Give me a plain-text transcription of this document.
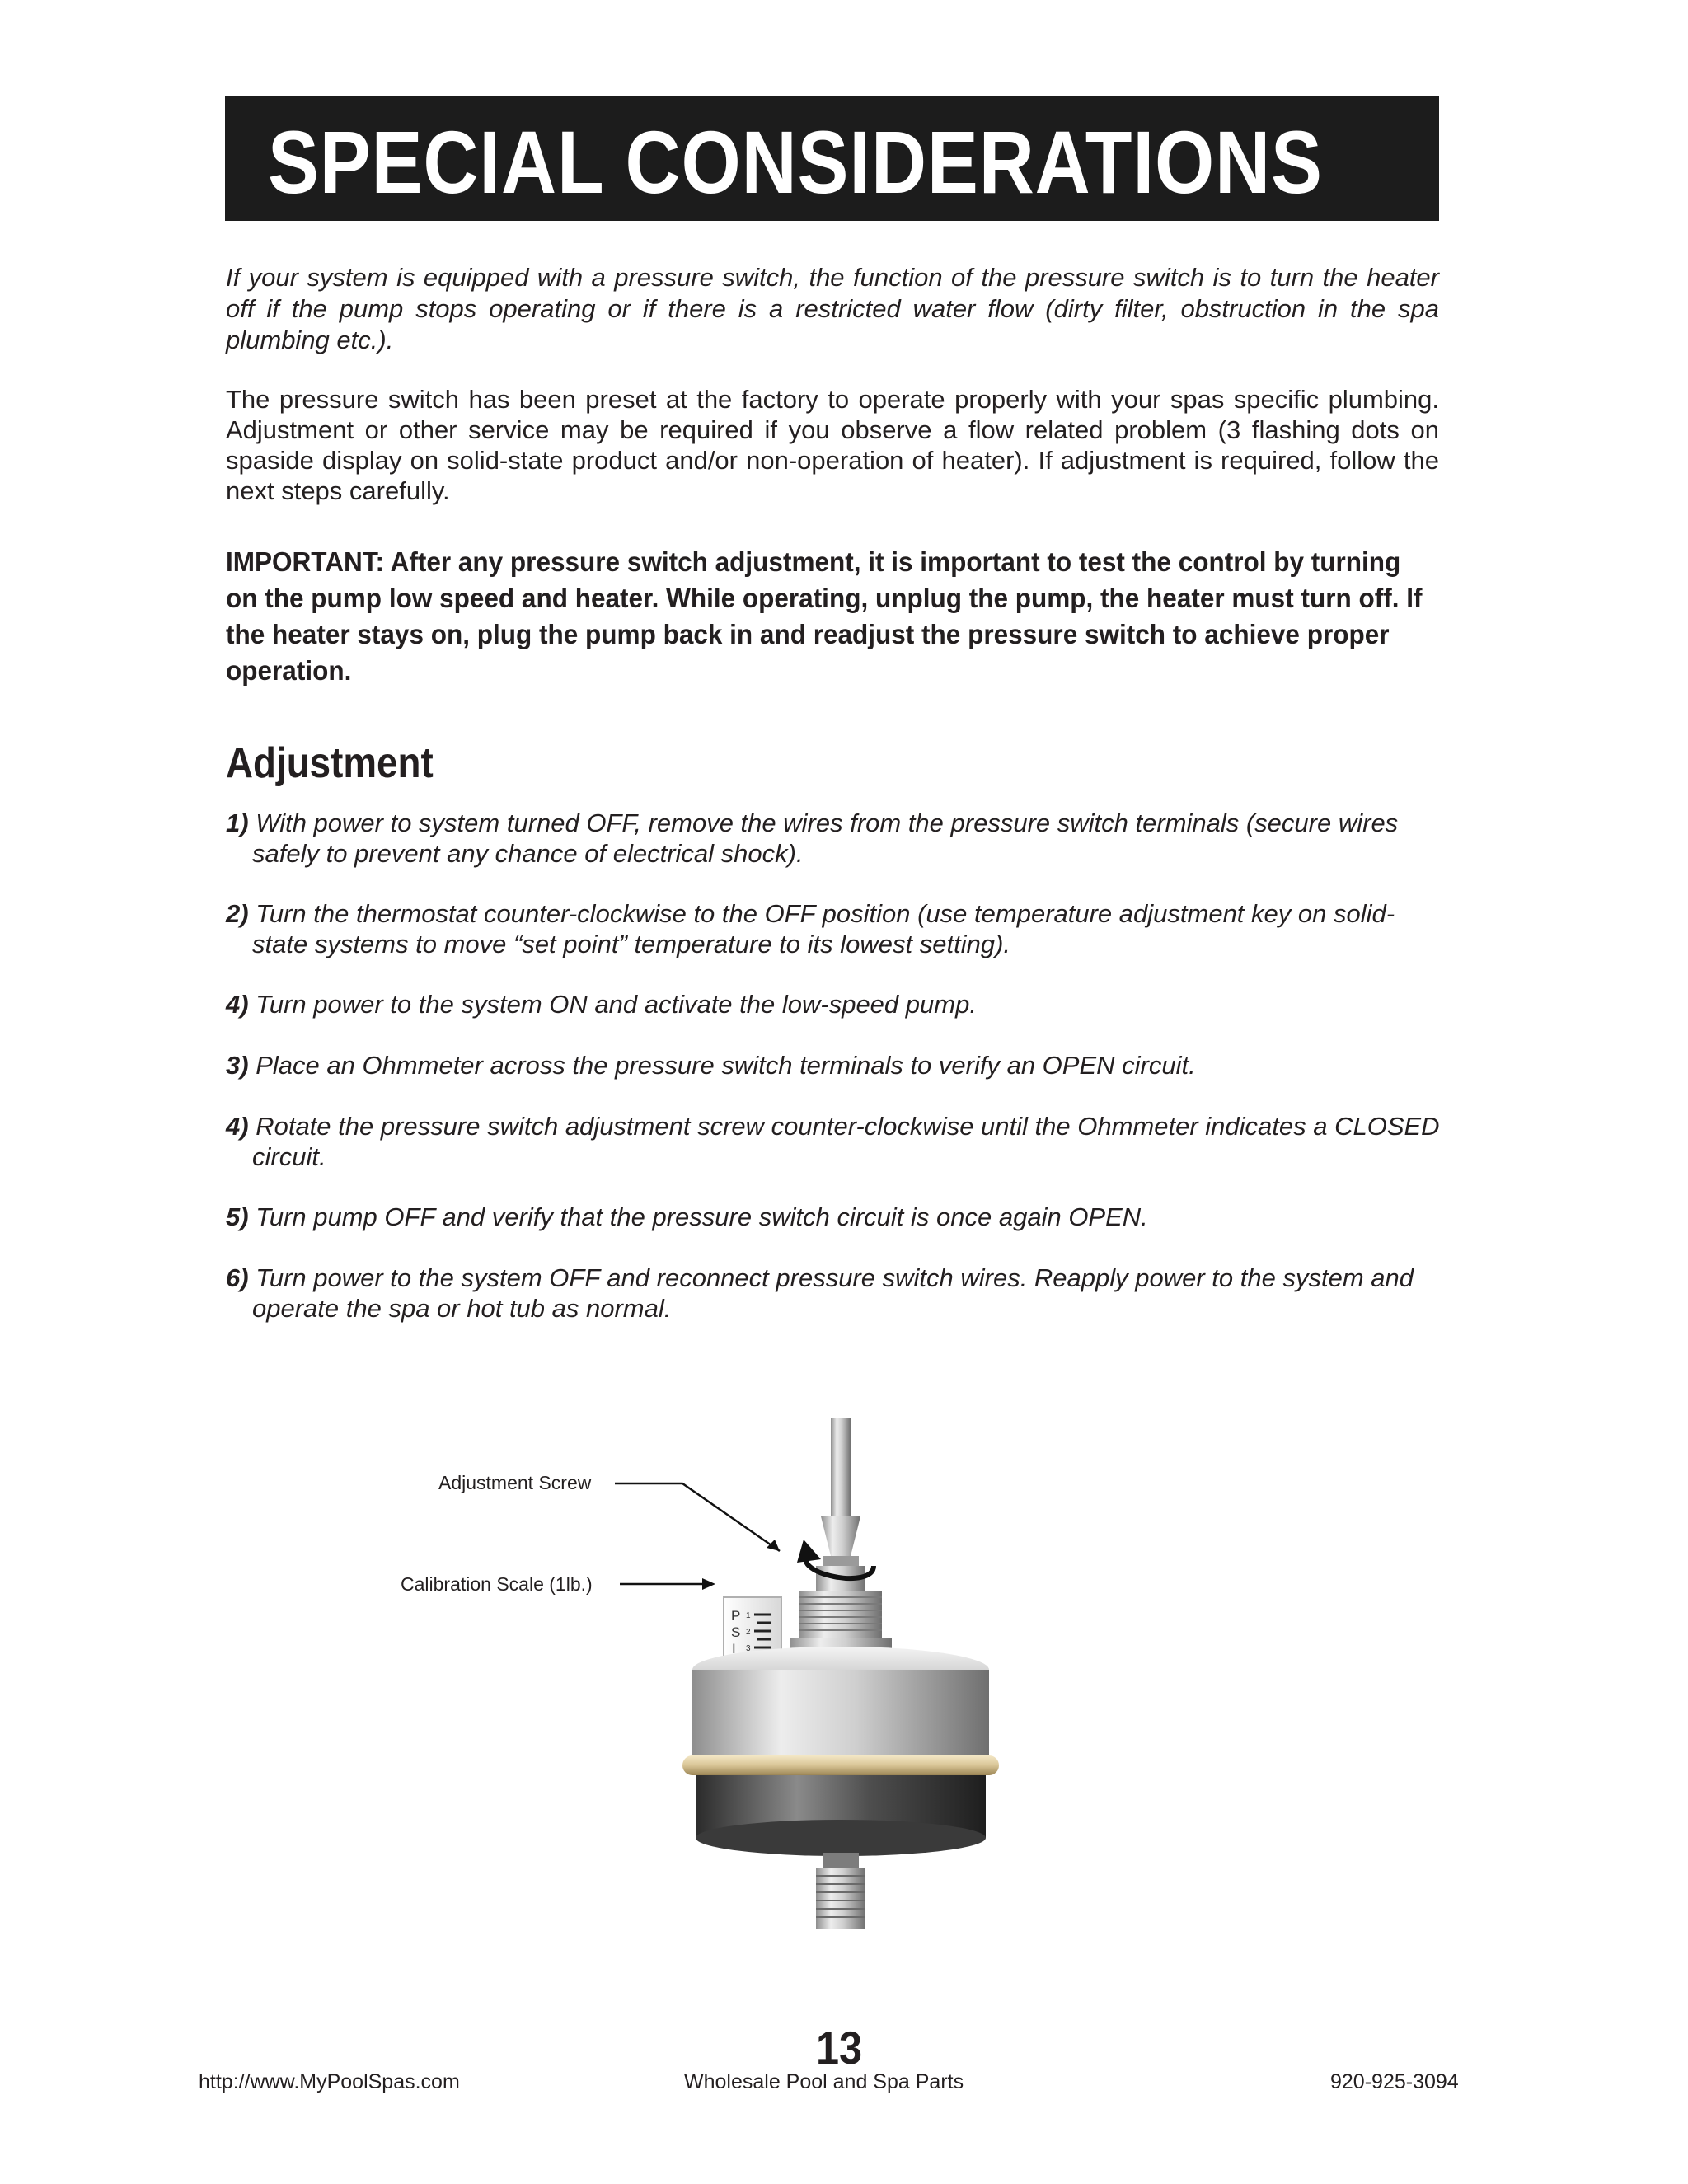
SPECIAL CONSIDERATIONS

If your system is equipped with a pressure switch, the function of the pressure switch is to turn the heater off if the pump stops operating or if there is a restricted water flow (dirty filter, obstruction in the spa plumbing etc.).

The pressure switch has been preset at the factory to operate properly with your spas specific plumbing. Adjustment or other service may be required if you observe a flow related problem (3 flashing dots on spaside display on solid-state product and/or non-operation of heater). If adjustment is required, follow the next steps carefully.

IMPORTANT: After any pressure switch adjustment, it is important to test the control by turning on the pump low speed and heater. While operating, unplug the pump, the heater must turn off. If the heater stays on, plug the pump back in and readjust the pressure switch to achieve proper operation.

Adjustment

1) With power to system turned OFF, remove the wires from the pressure switch terminals (secure wires safely to prevent any chance of electrical shock).

2) Turn the thermostat counter-clockwise to the OFF position (use temperature adjustment key on solid-state systems to move “set point” temperature to its lowest setting).

4) Turn power to the system ON and activate the low-speed pump.

3) Place an Ohmmeter across the pressure switch terminals to verify an OPEN circuit.

4) Rotate the pressure switch adjustment screw counter-clockwise until the Ohmmeter indicates a CLOSED circuit.

5) Turn pump OFF and verify that the pressure switch circuit is once again OPEN.

6) Turn power to the system OFF and reconnect pressure switch wires. Reapply power to the system and operate the spa or hot tub as normal.

P
S
I
1
2
3
Adjustment Screw
Calibration Scale (1lb.)
13
http://www.MyPoolSpas.com	Wholesale Pool and Spa Parts	920-925-3094
